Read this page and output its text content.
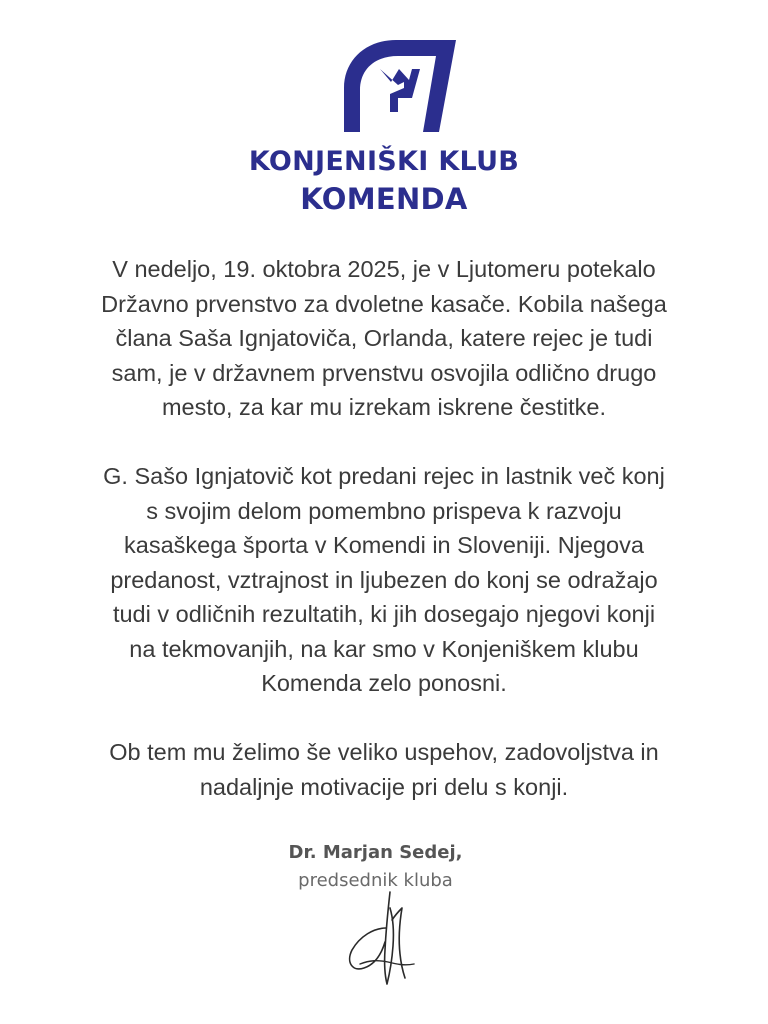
KONJENIŠKI KLUB
KOMENDA

V nedeljo, 19. oktobra 2025, je v Ljutomeru potekalo
Državno prvenstvo za dvoletne kasače. Kobila našega
člana Saša Ignjatoviča, Orlanda, katere rejec je tudi
sam, je v državnem prvenstvu osvojila odlično drugo
mesto, za kar mu izrekam iskrene čestitke.

G. Sašo Ignjatovič kot predani rejec in lastnik več konj
s svojim delom pomembno prispeva k razvoju
kasaškega športa v Komendi in Sloveniji. Njegova
predanost, vztrajnost in ljubezen do konj se odražajo
tudi v odličnih rezultatih, ki jih dosegajo njegovi konji
na tekmovanjih, na kar smo v Konjeniškem klubu
Komenda zelo ponosni.

Ob tem mu želimo še veliko uspehov, zadovoljstva in
nadaljnje motivacije pri delu s konji.

Dr. Marjan Sedej,
predsednik kluba
